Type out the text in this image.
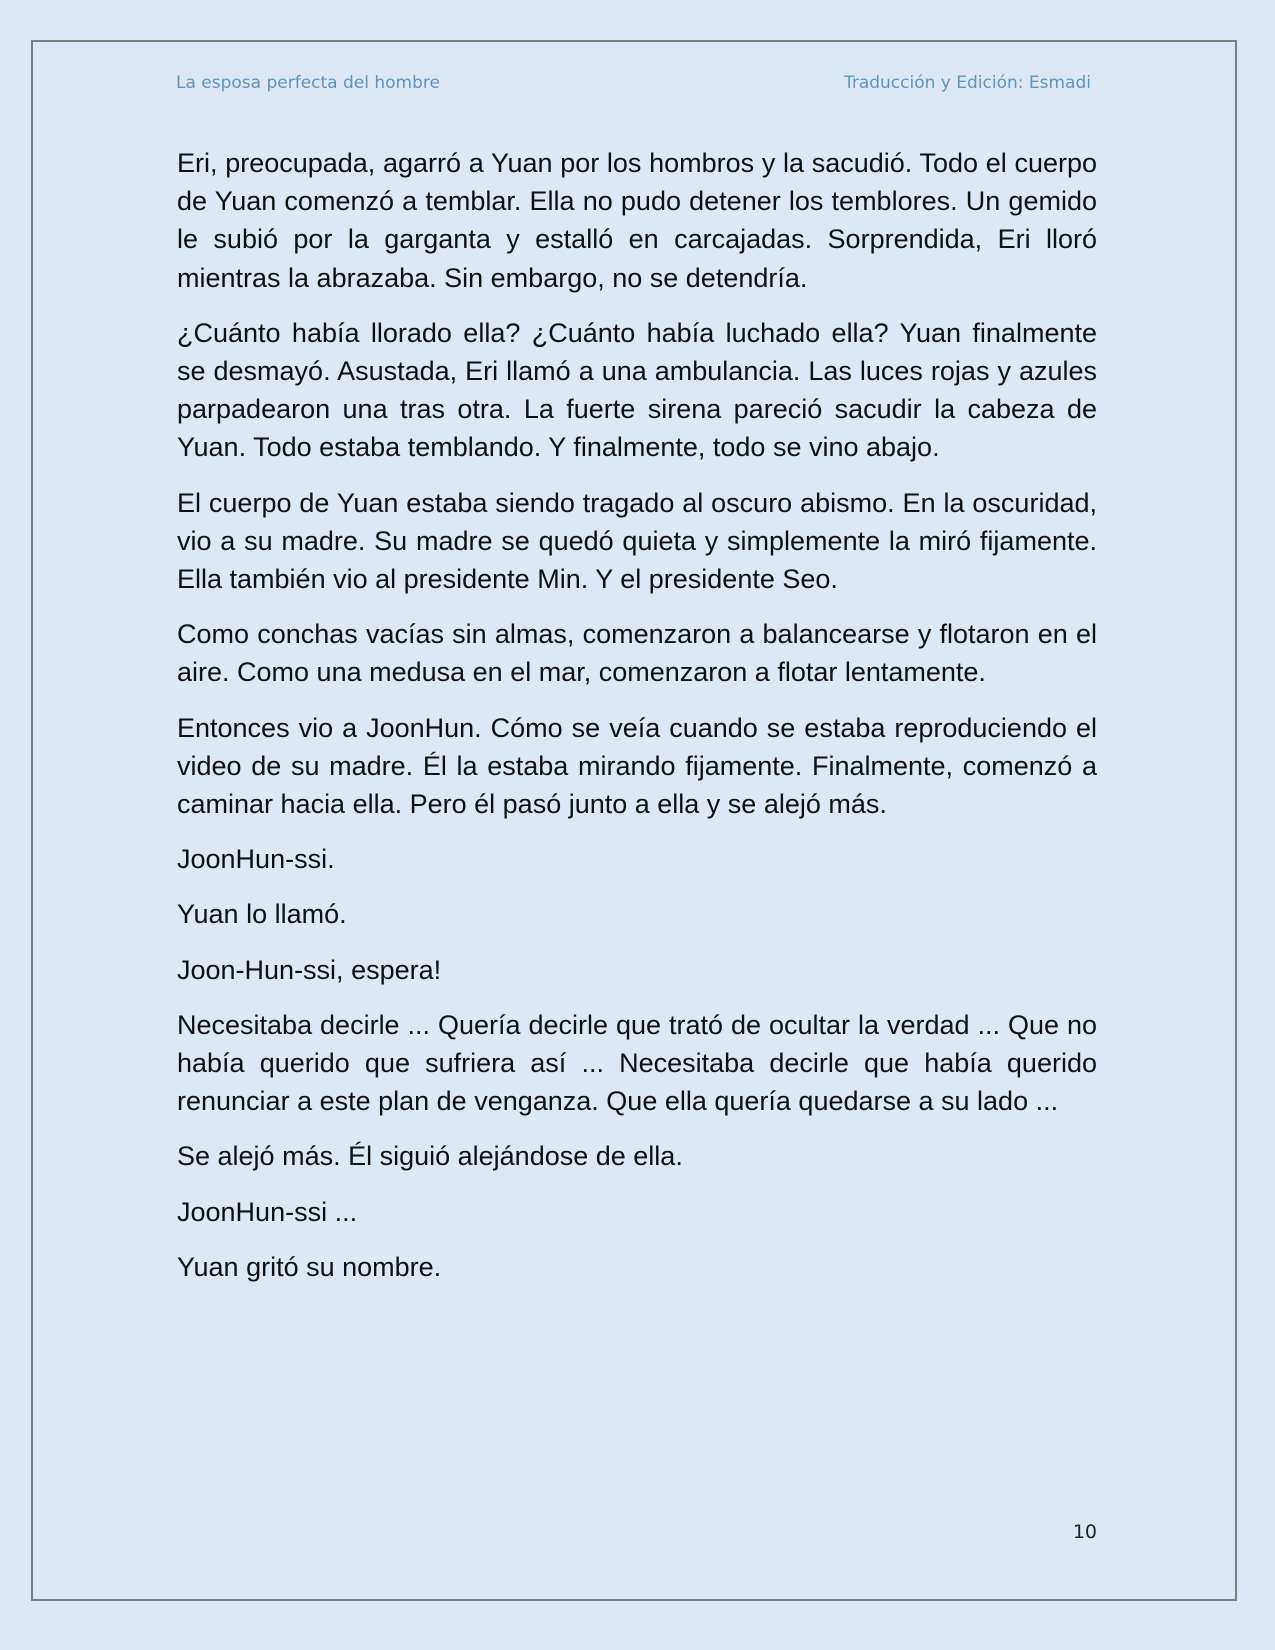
La esposa perfecta del hombre	Traducción y Edición: Esmadi

Eri, preocupada, agarró a Yuan por los hombros y la sacudió. Todo el cuerpo de Yuan comenzó a temblar. Ella no pudo detener los temblores. Un gemido le subió por la garganta y estalló en carcajadas. Sorprendida, Eri lloró mientras la abrazaba. Sin embargo, no se detendría.

¿Cuánto había llorado ella? ¿Cuánto había luchado ella? Yuan finalmente se desmayó. Asustada, Eri llamó a una ambulancia. Las luces rojas y azules parpadearon una tras otra. La fuerte sirena pareció sacudir la cabeza de Yuan. Todo estaba temblando. Y finalmente, todo se vino abajo.

El cuerpo de Yuan estaba siendo tragado al oscuro abismo. En la oscuridad, vio a su madre. Su madre se quedó quieta y simplemente la miró fijamente. Ella también vio al presidente Min. Y el presidente Seo.

Como conchas vacías sin almas, comenzaron a balancearse y flotaron en el aire. Como una medusa en el mar, comenzaron a flotar lentamente.

Entonces vio a JoonHun. Cómo se veía cuando se estaba reproduciendo el video de su madre. Él la estaba mirando fijamente. Finalmente, comenzó a caminar hacia ella. Pero él pasó junto a ella y se alejó más.

JoonHun-ssi.

Yuan lo llamó.

Joon-Hun-ssi, espera!

Necesitaba decirle ... Quería decirle que trató de ocultar la verdad ... Que no había querido que sufriera así ... Necesitaba decirle que había querido renunciar a este plan de venganza. Que ella quería quedarse a su lado ...

Se alejó más. Él siguió alejándose de ella.

JoonHun-ssi ...

Yuan gritó su nombre.

10
